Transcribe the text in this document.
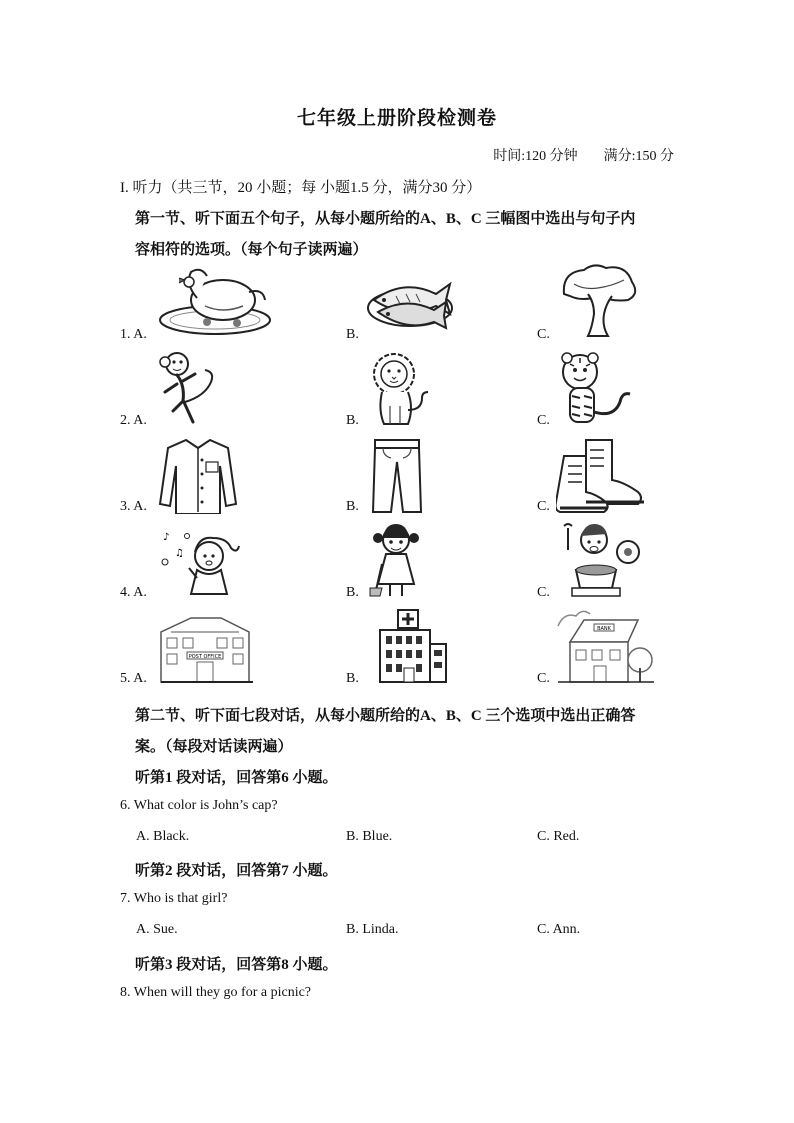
七年级上册阶段检测卷
时间:120 分钟 满分:150 分
I. 听力（共三节，20 小题；每 小题1.5 分，满分30 分）
第一节、听下面五个句子，从每小题所给的A、B、C 三幅图中选出与句子内
容相符的选项。（每个句子读两遍）
1. A.	B.	C.
2. A.	B.	C.
3. A.	B.	C.
4. A.	B.	C.
♪
♫
5. A.	B.	C.
POST OFFICE
BANK
第二节、听下面七段对话，从每小题所给的A、B、C 三个选项中选出正确答
案。（每段对话读两遍）
听第1 段对话，回答第6 小题。
6. What color is John’s cap?
A. Black.	B. Blue.	C. Red.
听第2 段对话，回答第7 小题。
7. Who is that girl?
A. Sue.	B. Linda.	C. Ann.
听第3 段对话，回答第8 小题。
8. When will they go for a picnic?
